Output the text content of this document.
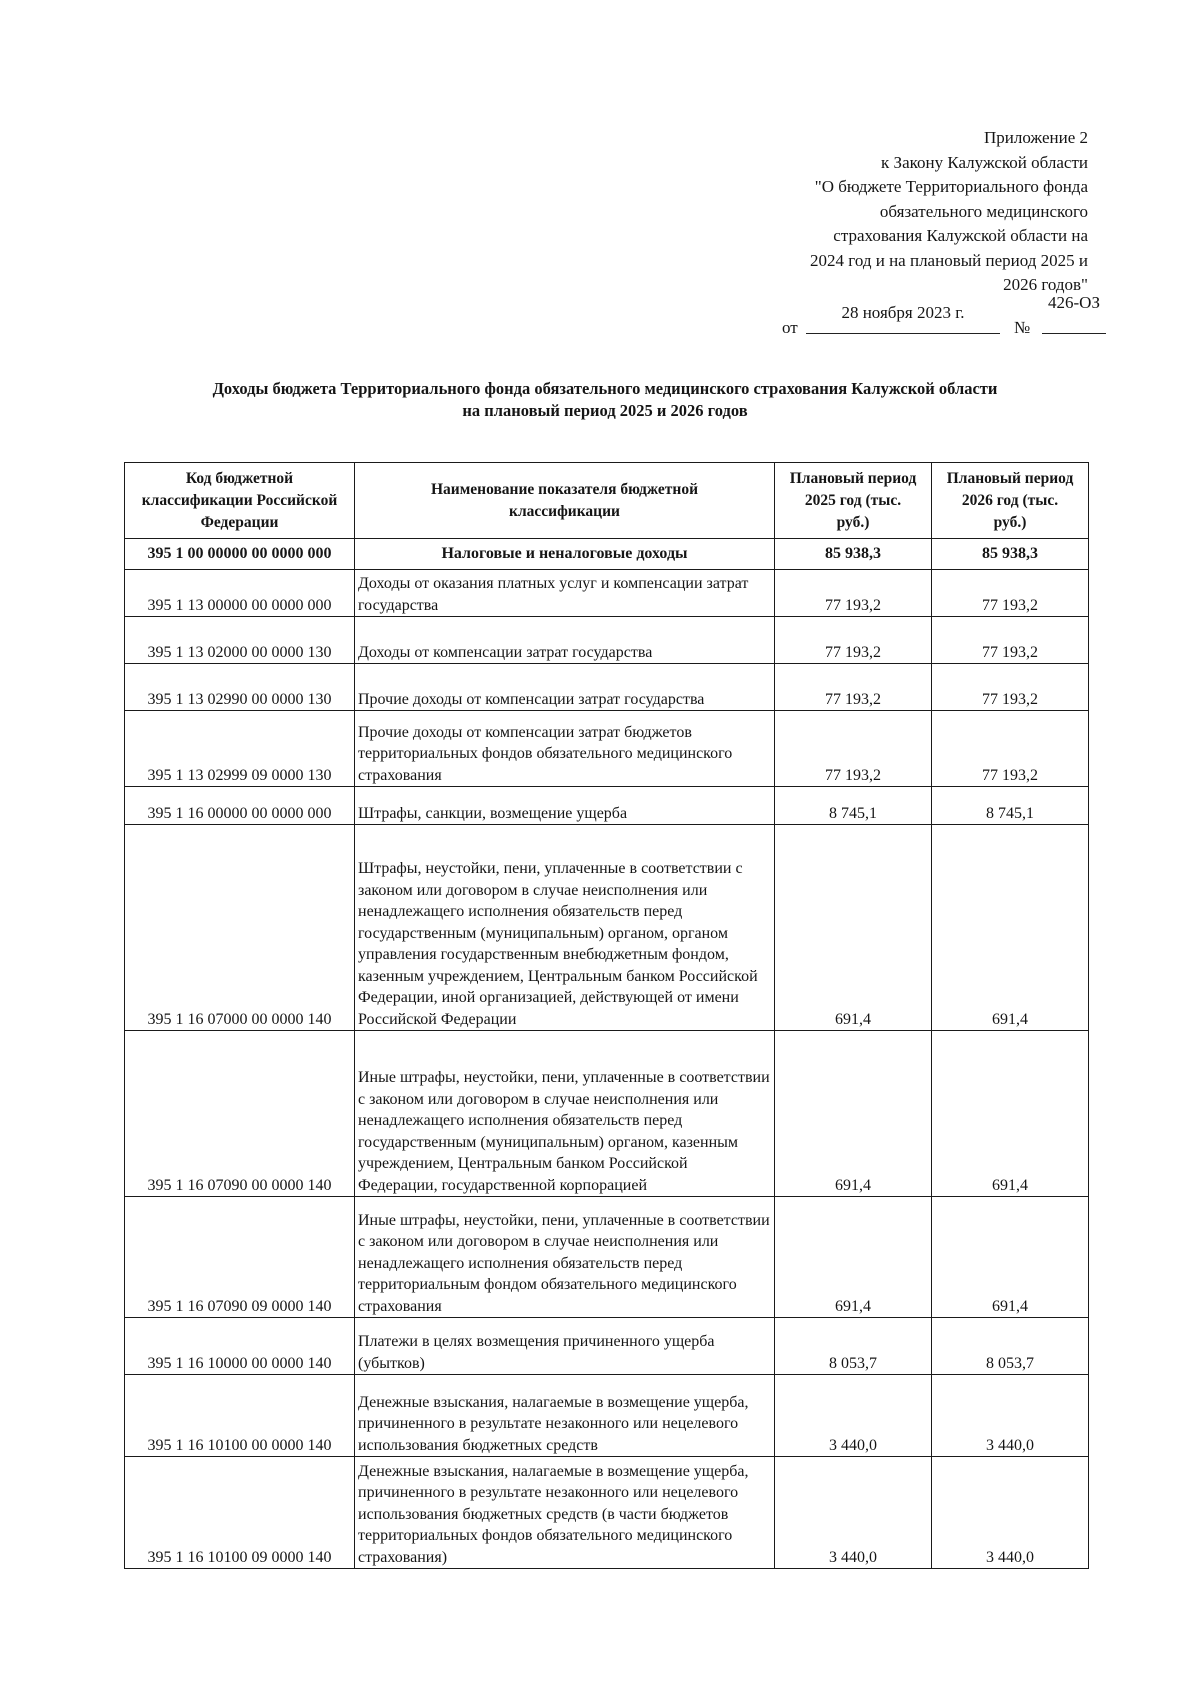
Приложение 2
к Закону Калужской области
"О бюджете Территориального фонда
обязательного медицинского
страхования Калужской области на
2024 год и на плановый период 2025 и
2026 годов"
от
28 ноября 2023 г.
№
426-ОЗ
Доходы бюджета Территориального фонда обязательного медицинского страхования Калужской области
на плановый период 2025 и 2026 годов
Код бюджетной классификации Российской Федерации	Наименование показателя бюджетной классификации	Плановый период 2025 год (тыс. руб.)	Плановый период 2026 год (тыс. руб.)
395 1 00 00000 00 0000 000	Налоговые и неналоговые доходы	85 938,3	85 938,3
395 1 13 00000 00 0000 000	Доходы от оказания платных услуг и компенсации затрат государства	77 193,2	77 193,2
395 1 13 02000 00 0000 130	Доходы от компенсации затрат государства	77 193,2	77 193,2
395 1 13 02990 00 0000 130	Прочие доходы от компенсации затрат государства	77 193,2	77 193,2
395 1 13 02999 09 0000 130	Прочие доходы от компенсации затрат бюджетов территориальных фондов обязательного медицинского страхования	77 193,2	77 193,2
395 1 16 00000 00 0000 000	Штрафы, санкции, возмещение ущерба	8 745,1	8 745,1
395 1 16 07000 00 0000 140	Штрафы, неустойки, пени, уплаченные в соответствии с законом или договором в случае неисполнения или ненадлежащего исполнения обязательств перед государственным (муниципальным) органом, органом управления государственным внебюджетным фондом, казенным учреждением, Центральным банком Российской Федерации, иной организацией, действующей от имени Российской Федерации	691,4	691,4
395 1 16 07090 00 0000 140	Иные штрафы, неустойки, пени, уплаченные в соответствии с законом или договором в случае неисполнения или ненадлежащего исполнения обязательств перед государственным (муниципальным) органом, казенным учреждением, Центральным банком Российской Федерации, государственной корпорацией	691,4	691,4
395 1 16 07090 09 0000 140	Иные штрафы, неустойки, пени, уплаченные в соответствии с законом или договором в случае неисполнения или ненадлежащего исполнения обязательств перед территориальным фондом обязательного медицинского страхования	691,4	691,4
395 1 16 10000 00 0000 140	Платежи в целях возмещения причиненного ущерба (убытков)	8 053,7	8 053,7
395 1 16 10100 00 0000 140	Денежные взыскания, налагаемые в возмещение ущерба, причиненного в результате незаконного или нецелевого использования бюджетных средств	3 440,0	3 440,0
395 1 16 10100 09 0000 140	Денежные взыскания, налагаемые в возмещение ущерба, причиненного в результате незаконного или нецелевого использования бюджетных средств (в части бюджетов территориальных фондов обязательного медицинского страхования)	3 440,0	3 440,0
